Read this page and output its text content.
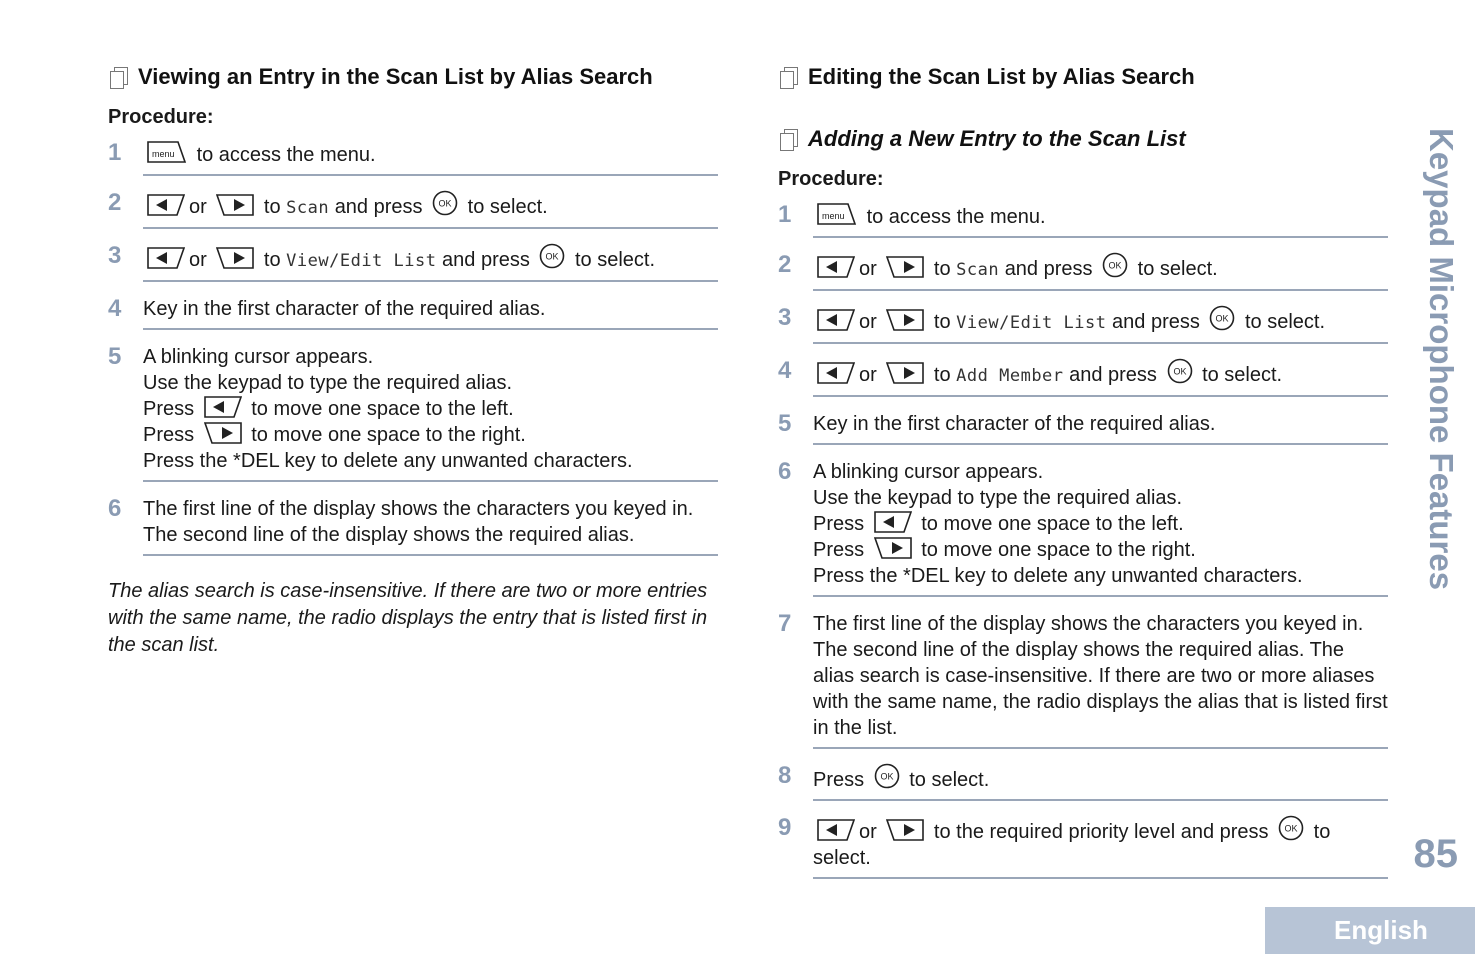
Viewing an Entry in the Scan List by Alias Search
Procedure:
1	menu to access the menu.
2	or	to Scan and press OK to select.
3	or	to View/Edit List and press OK to select.
4	Key in the first character of the required alias.
5	A blinking cursor appears.
Use the keypad to type the required alias.
Press	to move one space to the left.
Press	to move one space to the right.
Press the *DEL key to delete any unwanted characters.
6	The first line of the display shows the characters you keyed in. The second line of the display shows the required alias.
The alias search is case-insensitive. If there are two or more entries with the same name, the radio displays the entry that is listed first in the scan list.
Editing the Scan List by Alias Search
Adding a New Entry to the Scan List
Procedure:
1	menu to access the menu.
2	or	to Scan and press OK to select.
3	or	to View/Edit List and press OK to select.
4	or	to Add Member and press OK to select.
5	Key in the first character of the required alias.
6	A blinking cursor appears.
Use the keypad to type the required alias.
Press	to move one space to the left.
Press	to move one space to the right.
Press the *DEL key to delete any unwanted characters.
7	The first line of the display shows the characters you keyed in. The second line of the display shows the required alias. The alias search is case-insensitive. If there are two or more aliases with the same name, the radio displays the alias that is listed first in the list.
8	Press OK to select.
9	or	to the required priority level and press OK to select.
Keypad Microphone Features
85
English
